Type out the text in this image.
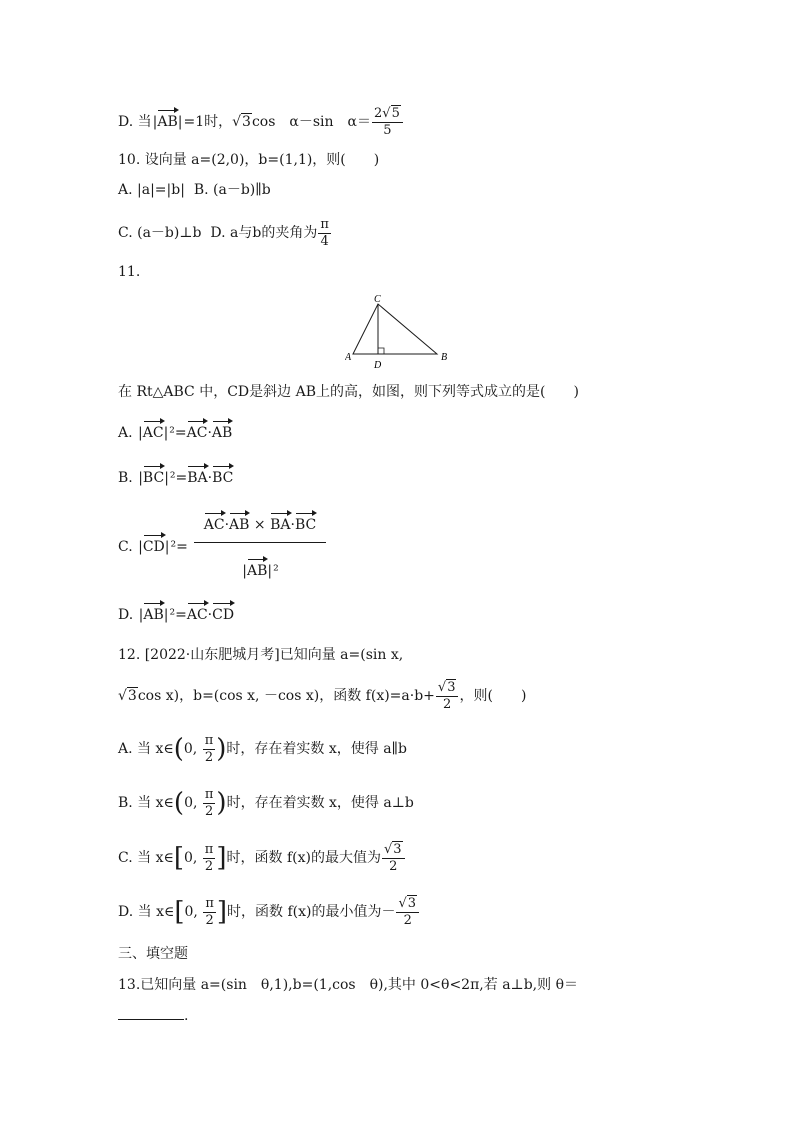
D. 当|AB|=1时，√3cos　α－sin　$\alpha= \frac{2√5}{5}$
10. 设向量 a=(2,0)，b=(1,1)，则(　　)
A. |a|=|b| B. (a－b)∥b
C. (a－b)⊥b D. a与b的夹角为 $\frac{\pi}{4}$
11.
C
A	B
D
在 Rt△ABC 中，CD是斜边 AB上的高，如图，则下列等式成立的是(　　)
A. |AC|²=AC·AB
B. |BC|²=BA·BC
C. |CD|²=
AC·AB × BA·BC
|AB|²
D. |AB|²=AC·CD
12. [2022·山东肥城月考]已知向量 a=(sin x,
√3cos x)，b=(cos x, －cos x)，函数 $f(x)=a\cdot b+ \frac{√3}{2}$ ，则(　　)
A. 当 x∈(0, $\frac{\pi}{2}$ )时，存在着实数 x，使得 a∥b
B. 当 x∈(0, $\frac{\pi}{2}$ )时，存在着实数 x，使得 a⊥b
C. 当 x∈[0, $\frac{\pi}{2}$ ]时，函数 f(x)的最大值为 $\frac{√3}{2}$
D. 当 x∈[0, $\frac{\pi}{2}$ ]时，函数 f(x)的最小值为－ $\frac{√3}{2}$
三、填空题
13.已知向量 a=(sin　θ,1),b=(1,cos　θ),其中 0<θ<2π,若 a⊥b,则 θ＝
.
